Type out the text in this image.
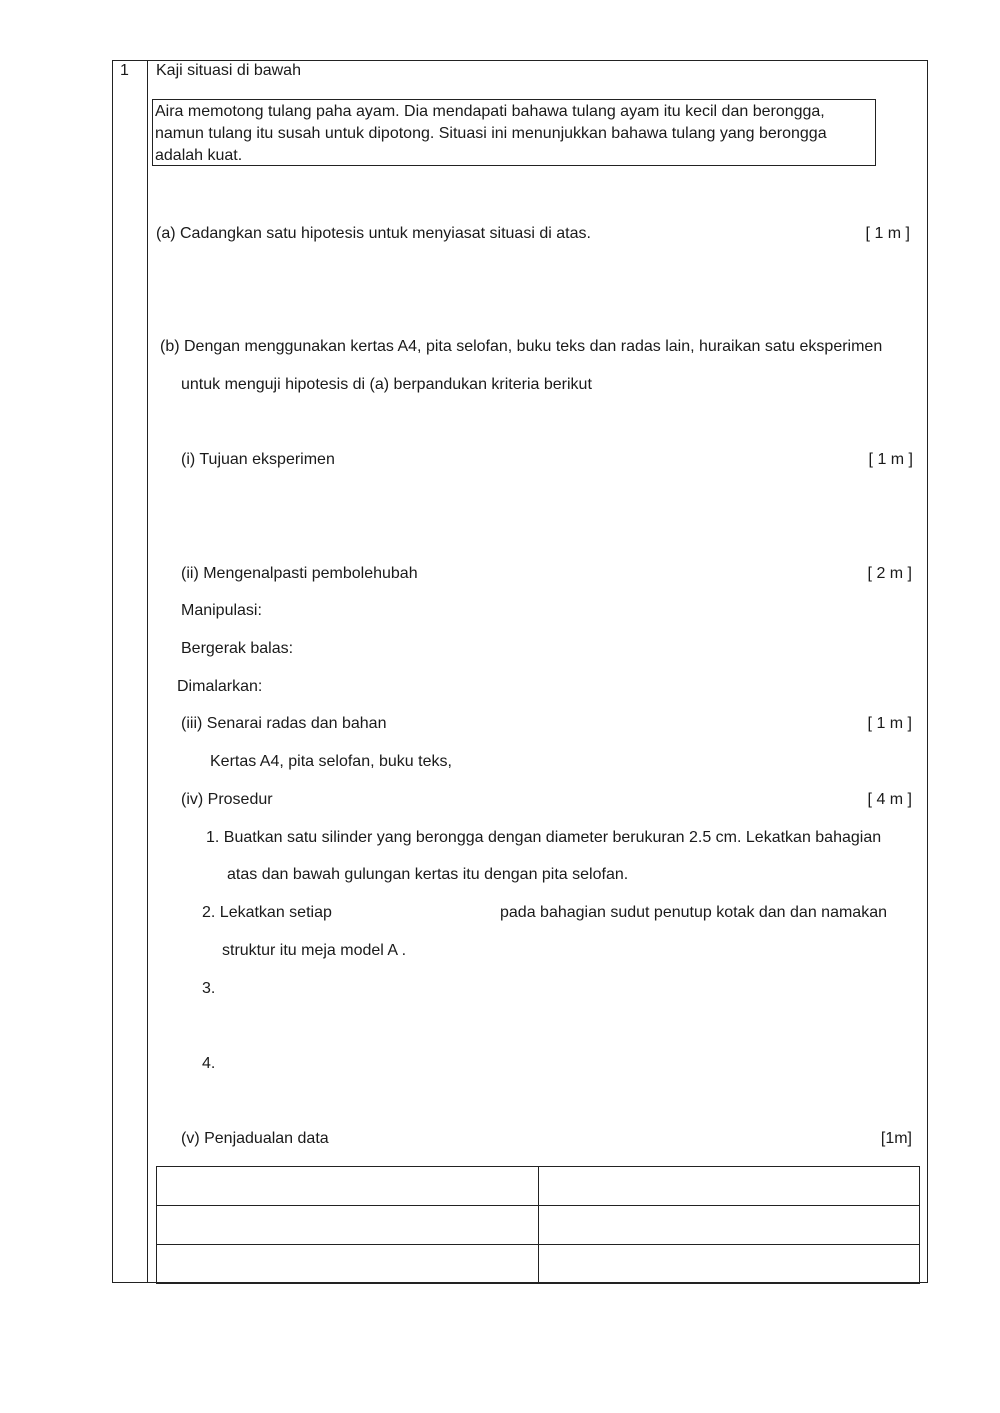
1 Kaji situasi di bawah
Aira memotong tulang paha ayam. Dia mendapati bahawa tulang ayam itu kecil dan berongga,
namun tulang itu susah untuk dipotong. Situasi ini menunjukkan bahawa tulang yang berongga
adalah kuat.
(a) Cadangkan satu hipotesis untuk menyiasat situasi di atas.	[ 1 m ]
(b) Dengan menggunakan kertas A4, pita selofan, buku teks dan radas lain, huraikan satu eksperimen
untuk menguji hipotesis di (a) berpandukan kriteria berikut
(i) Tujuan eksperimen	[ 1 m ]
(ii) Mengenalpasti pembolehubah	[ 2 m ]
Manipulasi:
Bergerak balas:
Dimalarkan:
(iii) Senarai radas dan bahan	[ 1 m ]
Kertas A4, pita selofan, buku teks,
(iv) Prosedur	[ 4 m ]
1. Buatkan satu silinder yang berongga dengan diameter berukuran 2.5 cm. Lekatkan bahagian
atas dan bawah gulungan kertas itu dengan pita selofan.
2. Lekatkan setiap	pada bahagian sudut penutup kotak dan dan namakan
struktur itu meja model A .
3.
4.
(v) Penjadualan data	[1m]
